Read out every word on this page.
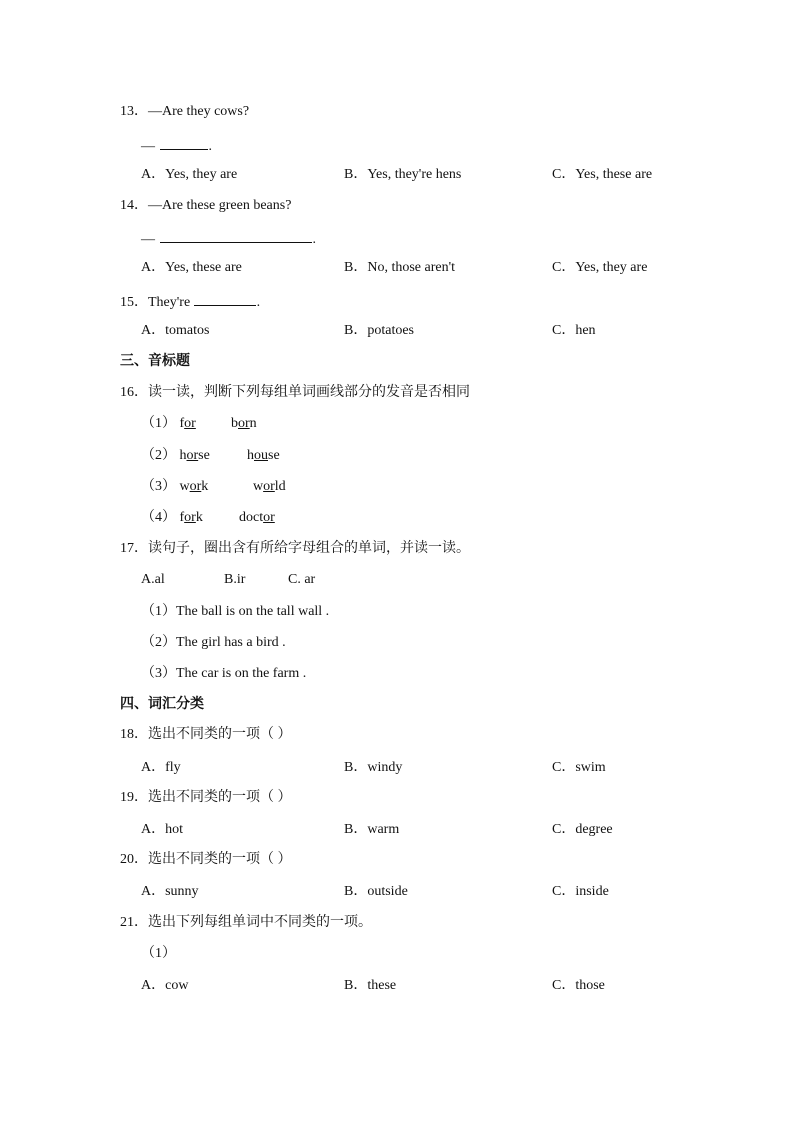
13．—Are they cows?
—	.
A．Yes, they are	B．Yes, they're hens	C．Yes, these are
14．—Are these green beans?
—	.
A．Yes, these are	B．No, those aren't	C．Yes, they are
15．They're	.
A．tomatos	B．potatoes	C．hen
三、音标题
16．读一读，判断下列每组单词画线部分的发音是否相同
（1） for	born
（2） horse	house
（3） work	world
（4） fork	doctor
17．读句子，圈出含有所给字母组合的单词，并读一读。
A.al	B.ir	C. ar
（1）The ball is on the tall wall .
（2）The girl has a bird .
（3）The car is on the farm .
四、词汇分类
18．选出不同类的一项（ ）
A．fly	B．windy	C．swim
19．选出不同类的一项（ ）
A．hot	B．warm	C．degree
20．选出不同类的一项（ ）
A．sunny	B．outside	C．inside
21．选出下列每组单词中不同类的一项。
（1）
A．cow	B．these	C．those
